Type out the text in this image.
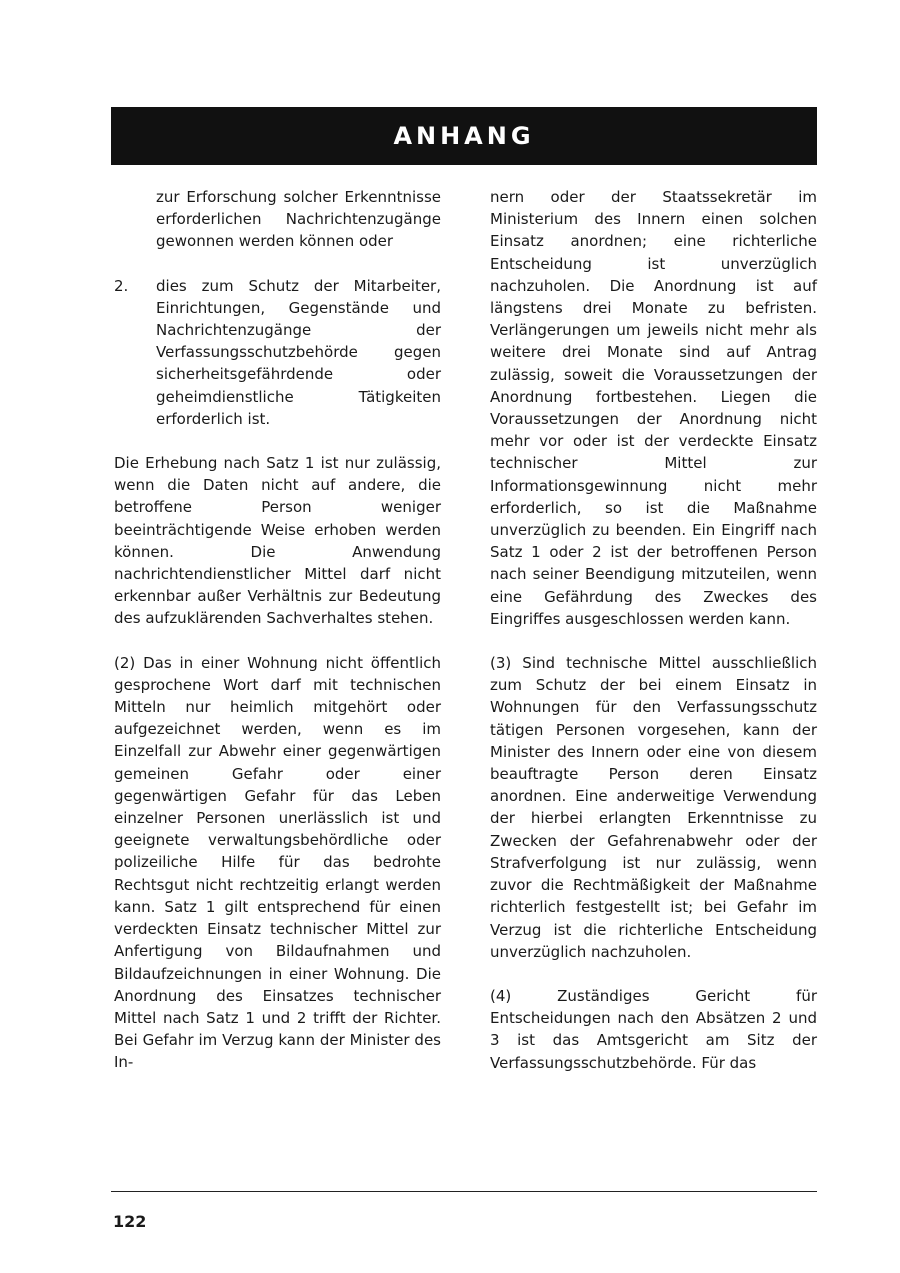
ANHANG

zur Erforschung solcher Erkenntnisse erforderlichen Nachrichtenzugänge gewonnen werden können oder

2.	dies zum Schutz der Mitarbeiter, Einrichtungen, Gegenstände und Nachrichtenzugänge der Verfassungsschutzbehörde gegen sicherheitsgefährdende oder geheimdienstliche Tätigkeiten erforderlich ist.

Die Erhebung nach Satz 1 ist nur zulässig, wenn die Daten nicht auf andere, die betroffene Person weniger beeinträchtigende Weise erhoben werden können. Die Anwendung nachrichtendienstlicher Mittel darf nicht erkennbar außer Verhältnis zur Bedeutung des aufzuklärenden Sachverhaltes stehen.

(2) Das in einer Wohnung nicht öffentlich gesprochene Wort darf mit technischen Mitteln nur heimlich mitgehört oder aufgezeichnet werden, wenn es im Einzelfall zur Abwehr einer gegenwärtigen gemeinen Gefahr oder einer gegenwärtigen Gefahr für das Leben einzelner Personen unerlässlich ist und geeignete verwaltungsbehördliche oder polizeiliche Hilfe für das bedrohte Rechtsgut nicht rechtzeitig erlangt werden kann. Satz 1 gilt entsprechend für einen verdeckten Einsatz technischer Mittel zur Anfertigung von Bildaufnahmen und Bildaufzeichnungen in einer Wohnung. Die Anordnung des Einsatzes technischer Mittel nach Satz 1 und 2 trifft der Richter. Bei Gefahr im Verzug kann der Minister des In-

nern oder der Staatssekretär im Ministerium des Innern einen solchen Einsatz anordnen; eine richterliche Entscheidung ist unverzüglich nachzuholen. Die Anordnung ist auf längstens drei Monate zu befristen. Verlängerungen um jeweils nicht mehr als weitere drei Monate sind auf Antrag zulässig, soweit die Voraussetzungen der Anordnung fortbestehen. Liegen die Voraussetzungen der Anordnung nicht mehr vor oder ist der verdeckte Einsatz technischer Mittel zur Informationsgewinnung nicht mehr erforderlich, so ist die Maßnahme unverzüglich zu beenden. Ein Eingriff nach Satz 1 oder 2 ist der betroffenen Person nach seiner Beendigung mitzuteilen, wenn eine Gefährdung des Zweckes des Eingriffes ausgeschlossen werden kann.

(3) Sind technische Mittel ausschließlich zum Schutz der bei einem Einsatz in Wohnungen für den Verfassungsschutz tätigen Personen vorgesehen, kann der Minister des Innern oder eine von diesem beauftragte Person deren Einsatz anordnen. Eine anderweitige Verwendung der hierbei erlangten Erkenntnisse zu Zwecken der Gefahrenabwehr oder der Strafverfolgung ist nur zulässig, wenn zuvor die Rechtmäßigkeit der Maßnahme richterlich festgestellt ist; bei Gefahr im Verzug ist die richterliche Entscheidung unverzüglich nachzuholen.

(4) Zuständiges Gericht für Entscheidungen nach den Absätzen 2 und 3 ist das Amtsgericht am Sitz der Verfassungsschutzbehörde. Für das

122
